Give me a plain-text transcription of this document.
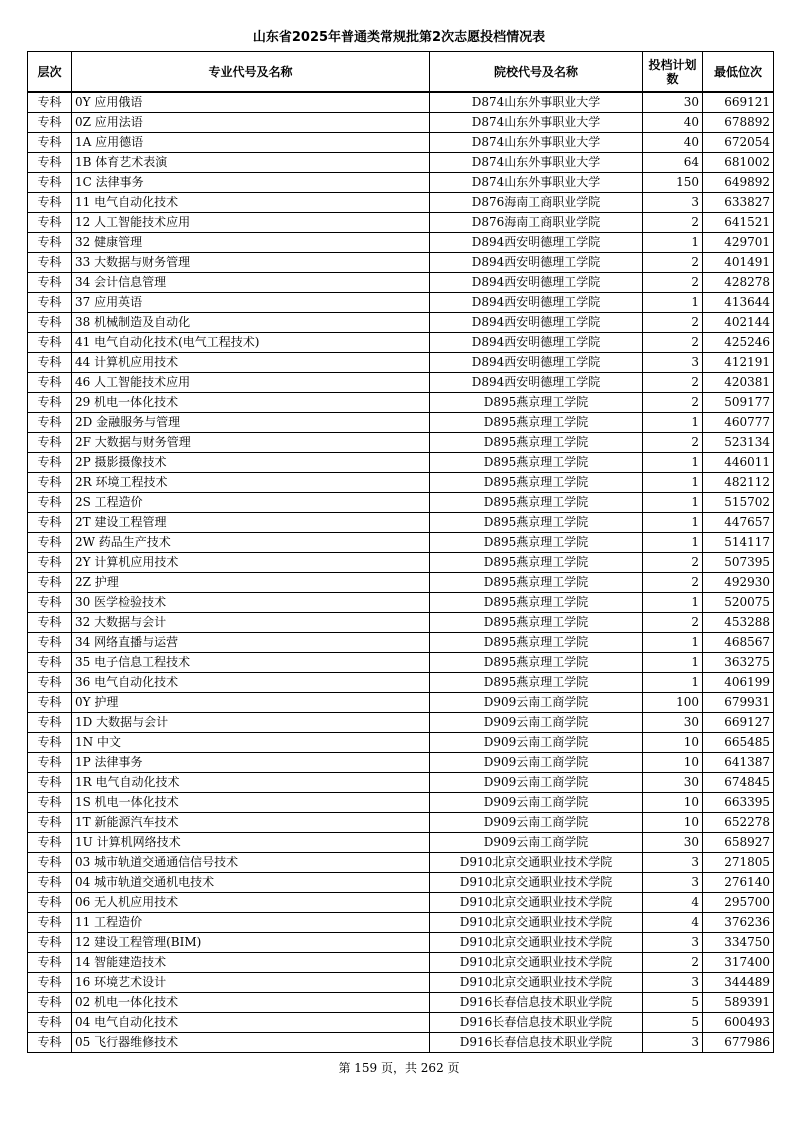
山东省2025年普通类常规批第2次志愿投档情况表
层次	专业代号及名称	院校代号及名称	投档计划数	最低位次
专科	0Y 应用俄语	D874山东外事职业大学	30	669121
专科	0Z 应用法语	D874山东外事职业大学	40	678892
专科	1A 应用德语	D874山东外事职业大学	40	672054
专科	1B 体育艺术表演	D874山东外事职业大学	64	681002
专科	1C 法律事务	D874山东外事职业大学	150	649892
专科	11 电气自动化技术	D876海南工商职业学院	3	633827
专科	12 人工智能技术应用	D876海南工商职业学院	2	641521
专科	32 健康管理	D894西安明德理工学院	1	429701
专科	33 大数据与财务管理	D894西安明德理工学院	2	401491
专科	34 会计信息管理	D894西安明德理工学院	2	428278
专科	37 应用英语	D894西安明德理工学院	1	413644
专科	38 机械制造及自动化	D894西安明德理工学院	2	402144
专科	41 电气自动化技术(电气工程技术)	D894西安明德理工学院	2	425246
专科	44 计算机应用技术	D894西安明德理工学院	3	412191
专科	46 人工智能技术应用	D894西安明德理工学院	2	420381
专科	29 机电一体化技术	D895燕京理工学院	2	509177
专科	2D 金融服务与管理	D895燕京理工学院	1	460777
专科	2F 大数据与财务管理	D895燕京理工学院	2	523134
专科	2P 摄影摄像技术	D895燕京理工学院	1	446011
专科	2R 环境工程技术	D895燕京理工学院	1	482112
专科	2S 工程造价	D895燕京理工学院	1	515702
专科	2T 建设工程管理	D895燕京理工学院	1	447657
专科	2W 药品生产技术	D895燕京理工学院	1	514117
专科	2Y 计算机应用技术	D895燕京理工学院	2	507395
专科	2Z 护理	D895燕京理工学院	2	492930
专科	30 医学检验技术	D895燕京理工学院	1	520075
专科	32 大数据与会计	D895燕京理工学院	2	453288
专科	34 网络直播与运营	D895燕京理工学院	1	468567
专科	35 电子信息工程技术	D895燕京理工学院	1	363275
专科	36 电气自动化技术	D895燕京理工学院	1	406199
专科	0Y 护理	D909云南工商学院	100	679931
专科	1D 大数据与会计	D909云南工商学院	30	669127
专科	1N 中文	D909云南工商学院	10	665485
专科	1P 法律事务	D909云南工商学院	10	641387
专科	1R 电气自动化技术	D909云南工商学院	30	674845
专科	1S 机电一体化技术	D909云南工商学院	10	663395
专科	1T 新能源汽车技术	D909云南工商学院	10	652278
专科	1U 计算机网络技术	D909云南工商学院	30	658927
专科	03 城市轨道交通通信信号技术	D910北京交通职业技术学院	3	271805
专科	04 城市轨道交通机电技术	D910北京交通职业技术学院	3	276140
专科	06 无人机应用技术	D910北京交通职业技术学院	4	295700
专科	11 工程造价	D910北京交通职业技术学院	4	376236
专科	12 建设工程管理(BIM)	D910北京交通职业技术学院	3	334750
专科	14 智能建造技术	D910北京交通职业技术学院	2	317400
专科	16 环境艺术设计	D910北京交通职业技术学院	3	344489
专科	02 机电一体化技术	D916长春信息技术职业学院	5	589391
专科	04 电气自动化技术	D916长春信息技术职业学院	5	600493
专科	05 飞行器维修技术	D916长春信息技术职业学院	3	677986
第 159 页，共 262 页
